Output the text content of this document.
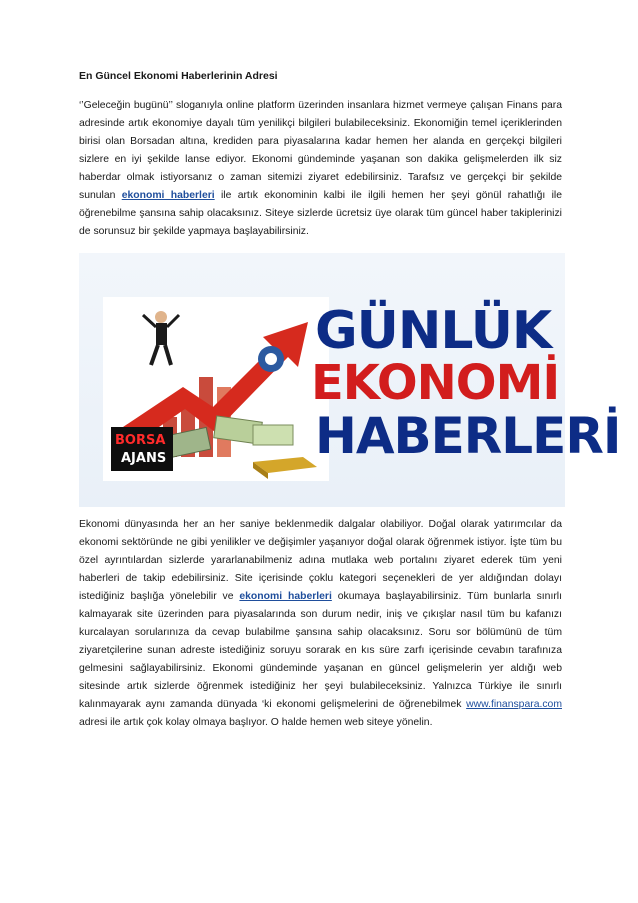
En Güncel Ekonomi Haberlerinin Adresi

‘’Geleceğin bugünü’’ sloganıyla online platform üzerinden insanlara hizmet vermeye çalışan Finans para adresinde artık ekonomiye dayalı tüm yenilikçi bilgileri bulabileceksiniz. Ekonomiğin temel içeriklerinden birisi olan Borsadan altına, krediden para piyasalarına kadar hemen her alanda en gerçekçi bilgileri sizlere en iyi şekilde lanse ediyor. Ekonomi gündeminde yaşanan son dakika gelişmelerden ilk siz haberdar olmak istiyorsanız o zaman sitemizi ziyaret edebilirsiniz. Tarafsız ve gerçekçi bir şekilde sunulan ekonomi haberleri ile artık ekonominin kalbi ile ilgili hemen her şeyi gönül rahatlığı ile öğrenebilme şansına sahip olacaksınız. Siteye sizlerde ücretsiz üye olarak tüm güncel haber takiplerinizi de sorunsuz bir şekilde yapmaya başlayabilirsiniz.

BORSA
AJANS
GÜNLÜK
EKONOMİ
HABERLERİ

Ekonomi dünyasında her an her saniye beklenmedik dalgalar olabiliyor. Doğal olarak yatırımcılar da ekonomi sektöründe ne gibi yenilikler ve değişimler yaşanıyor doğal olarak öğrenmek istiyor. İşte tüm bu özel ayrıntılardan sizlerde yararlanabilmeniz adına mutlaka web portalını ziyaret ederek tüm yeni haberleri de takip edebilirsiniz. Site içerisinde çoklu kategori seçenekleri de yer aldığından dolayı istediğiniz başlığa yönelebilir ve ekonomi haberleri okumaya başlayabilirsiniz. Tüm bunlarla sınırlı kalmayarak site üzerinden para piyasalarında son durum nedir, iniş ve çıkışlar nasıl tüm bu kafanızı kurcalayan sorularınıza da cevap bulabilme şansına sahip olacaksınız. Soru sor bölümünü de tüm ziyaretçilerine sunan adreste istediğiniz soruyu sorarak en kıs süre zarfı içerisinde cevabın tarafınıza gelmesini sağlayabilirsiniz. Ekonomi gündeminde yaşanan en güncel gelişmelerin yer aldığı web sitesinde artık sizlerde öğrenmek istediğiniz her şeyi bulabileceksiniz. Yalnızca Türkiye ile sınırlı kalınmayarak aynı zamanda dünyada ‘ki ekonomi gelişmelerini de öğrenebilmek www.finanspara.com adresi ile artık çok kolay olmaya başlıyor. O halde hemen web siteye yönelin.
